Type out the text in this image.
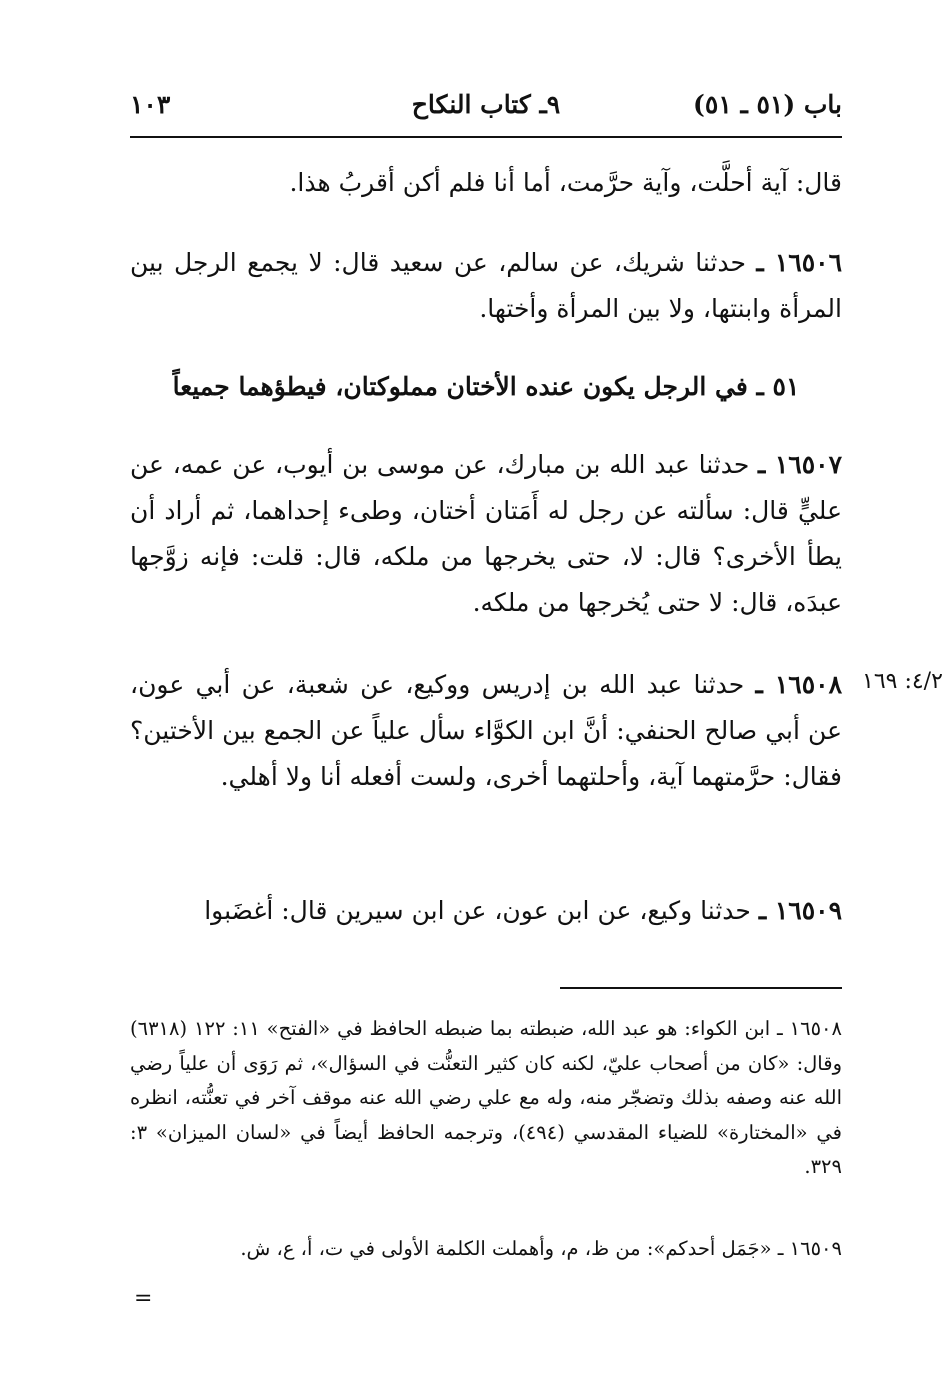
باب (٥١ ـ ٥١)
٩ـ كتاب النكاح
١٠٣
قال: آية أحلَّت، وآية حرَّمت، أما أنا فلم أكن أقربُ هذا.
١٦٥٠٦ ـ حدثنا شريك، عن سالم، عن سعيد قال: لا يجمع الرجل بين المرأة وابنتها، ولا بين المرأة وأختها.
٥١ ـ في الرجل يكون عنده الأختان مملوكتان، فيطؤهما جميعاً
١٦٥٠٧ ـ حدثنا عبد الله بن مبارك، عن موسى بن أيوب، عن عمه، عن عليٍّ قال: سألته عن رجل له أَمَتان أختان، وطىء إحداهما، ثم أراد أن يطأ الأخرى؟ قال: لا، حتى يخرجها من ملكه، قال: قلت: فإنه زوَّجها عبدَه، قال: لا حتى يُخرجها من ملكه.
٤/٢: ١٦٩
١٦٥٠٨ ـ حدثنا عبد الله بن إدريس ووكيع، عن شعبة، عن أبي عون، عن أبي صالح الحنفي: أنَّ ابن الكوَّاء سأل علياً عن الجمع بين الأختين؟ فقال: حرَّمتهما آية، وأحلتهما أخرى، ولست أفعله أنا ولا أهلي.
١٦٥٠٩ ـ حدثنا وكيع، عن ابن عون، عن ابن سيرين قال: أغضَبوا
١٦٥٠٨ ـ ابن الكواء: هو عبد الله، ضبطته بما ضبطه الحافظ في «الفتح» ١١: ١٢٢ (٦٣١٨) وقال: «كان من أصحاب عليّ، لكنه كان كثير التعنُّت في السؤال»، ثم رَوَى أن علياً رضي الله عنه وصفه بذلك وتضجّر منه، وله مع علي رضي الله عنه موقف آخر في تعنُّته، انظره في «المختارة» للضياء المقدسي (٤٩٤)، وترجمه الحافظ أيضاً في «لسان الميزان» ٣: ٣٢٩.
١٦٥٠٩ ـ «جَمَل أحدكم»: من ظ، م، وأهملت الكلمة الأولى في ت، أ، ع، ش.
=
